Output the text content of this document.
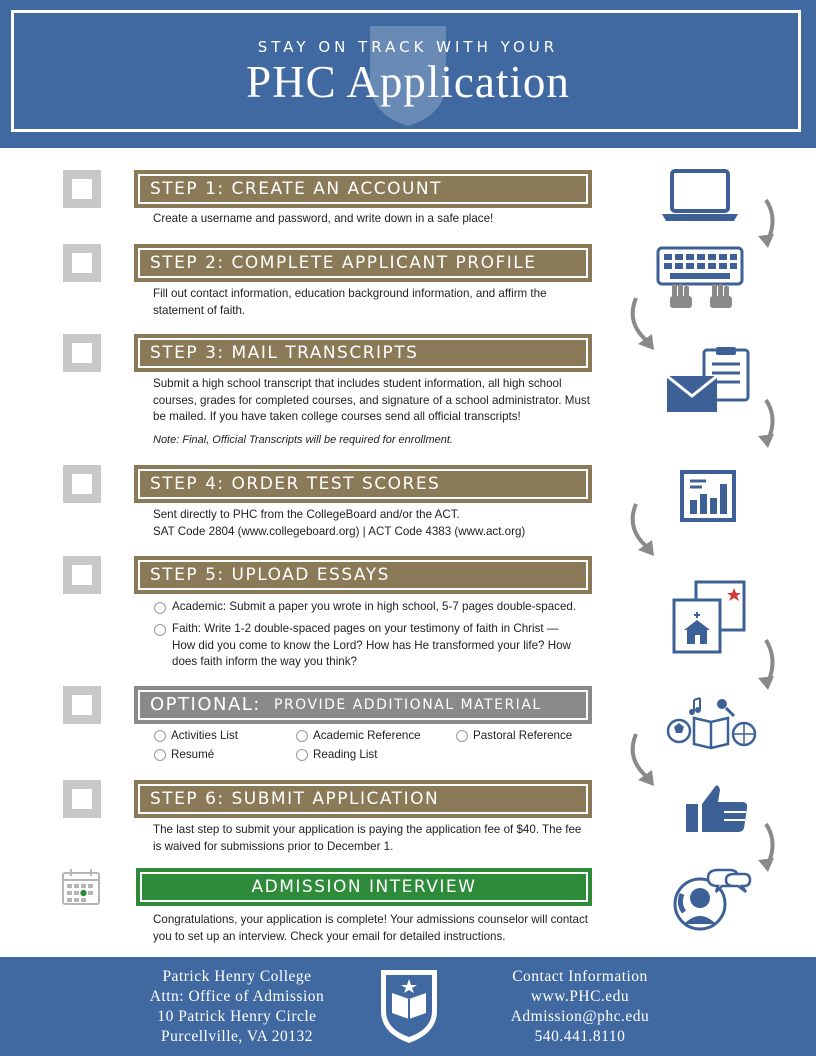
STAY ON TRACK WITH YOUR
PHC Application
STEP 1: CREATE AN ACCOUNT
Create a username and password, and write down in a safe place!
STEP 2: COMPLETE APPLICANT PROFILE
Fill out contact information, education background information, and affirm the statement of faith.
STEP 3: MAIL TRANSCRIPTS
Submit a high school transcript that includes student information, all high school courses, grades for completed courses, and signature of a school administrator. Must be mailed. If you have taken college courses send all official transcripts!
Note: Final, Official Transcripts will be required for enrollment.
STEP 4: ORDER TEST SCORES
Sent directly to PHC from the CollegeBoard and/or the ACT.
SAT Code 2804 (www.collegeboard.org) | ACT Code 4383 (www.act.org)
STEP 5: UPLOAD ESSAYS
Academic: Submit a paper you wrote in high school, 5-7 pages double-spaced.
Faith: Write 1-2 double-spaced pages on your testimony of faith in Christ — How did you come to know the Lord? How has He transformed your life? How does faith inform the way you think?
OPTIONAL: PROVIDE ADDITIONAL MATERIAL
Activities List
Resumé
Academic Reference
Reading List
Pastoral Reference
STEP 6: SUBMIT APPLICATION
The last step to submit your application is paying the application fee of $40. The fee is waived for submissions prior to December 1.
ADMISSION INTERVIEW
Congratulations, your application is complete! Your admissions counselor will contact you to set up an interview. Check your email for detailed instructions.
Patrick Henry College
Attn: Office of Admission
10 Patrick Henry Circle
Purcellville, VA 20132
Contact Information
www.PHC.edu
Admission@phc.edu
540.441.8110
